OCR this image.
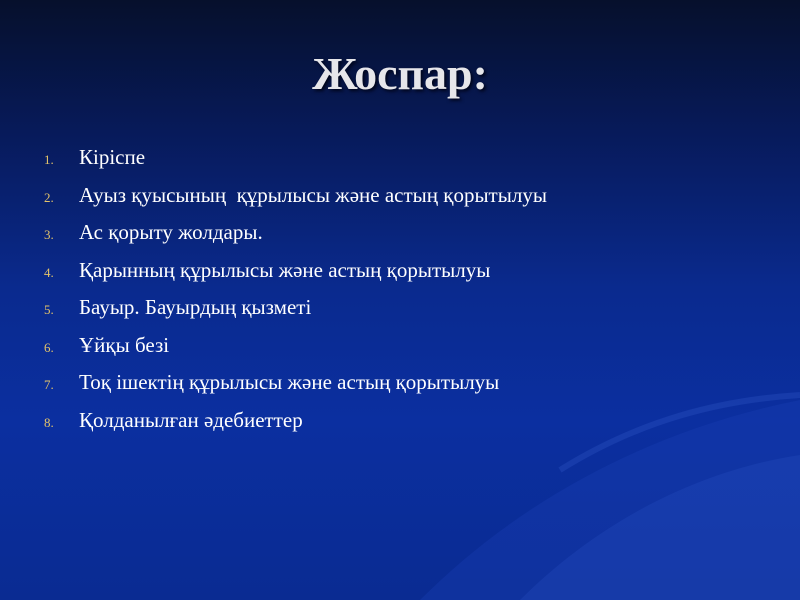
Жоспар:
1.	Кіріспе
2.	Ауыз қуысының  құрылысы және астың қорытылуы
3.	Ас қорыту жолдары.
4.	Қарынның құрылысы және астың қорытылуы
5.	Бауыр. Бауырдың қызметі
6.	Ұйқы безі
7.	Тоқ ішектің құрылысы және астың қорытылуы
8.	Қолданылған әдебиеттер
